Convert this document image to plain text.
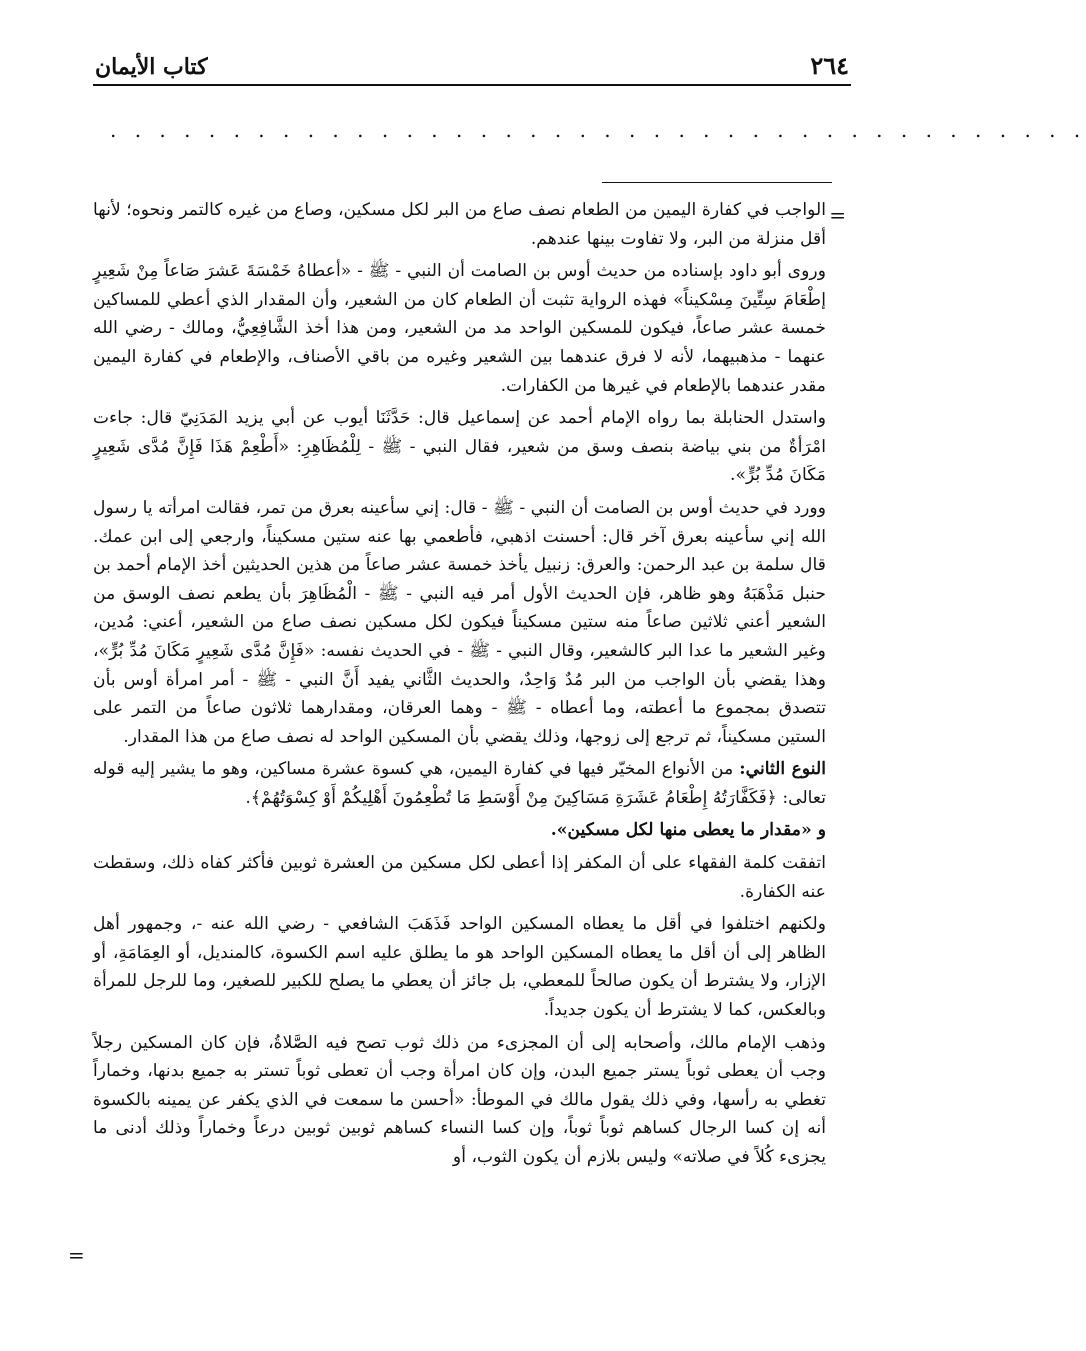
كتاب الأيمان	٢٦٤
. . . . . . . . . . . . . . . . . . . . . . . . . . . . . . . . . . . . . . . .
=

الواجب في كفارة اليمين من الطعام نصف صاع من البر لكل مسكين، وصاع من غيره كالتمر ونحوه؛ لأنها أقل منزلة من البر، ولا تفاوت بينها عندهم.

وروى أبو داود بإسناده من حديث أوس بن الصامت أن النبي - ﷺ - «أعطاهُ خَمْسَةَ عَشرَ صَاعاً مِنْ شَعِيرٍ إطْعَامَ سِتِّينَ مِسْكيناً» فهذه الرواية تثبت أن الطعام كان من الشعير، وأن المقدار الذي أعطي للمساكين خمسة عشر صاعاً، فيكون للمسكين الواحد مد من الشعير، ومن هذا أخذ الشَّافِعِيُّ، ومالك - رضي الله عنهما - مذهبيهما، لأنه لا فرق عندهما بين الشعير وغيره من باقي الأصناف، والإطعام في كفارة اليمين مقدر عندهما بالإطعام في غيرها من الكفارات.

واستدل الحنابلة بما رواه الإمام أحمد عن إسماعيل قال: حَدَّثَنَا أيوب عن أبي يزيد المَدَنِيّ قال: جاءت امْرَأةٌ من بني بياضة بنصف وسق من شعير، فقال النبي - ﷺ - لِلْمُظَاهِرِ: «أَطْعِمْ هَذَا فَإِنَّ مُدَّى شَعِيرٍ مَكَانَ مُدِّ بُرٍّ».

وورد في حديث أوس بن الصامت أن النبي - ﷺ - قال: إني سأعينه بعرق من تمر، فقالت امرأته يا رسول الله إني سأعينه بعرق آخر قال: أحسنت اذهبي، فأطعمي بها عنه ستين مسكيناً، وارجعي إلى ابن عمك. قال سلمة بن عبد الرحمن: والعرق: زنبيل يأخذ خمسة عشر صاعاً من هذين الحديثين أخذ الإمام أحمد بن حنبل مَذْهَبَهُ وهو ظاهر، فإن الحديث الأول أمر فيه النبي - ﷺ - الْمُظَاهِرَ بأن يطعم نصف الوسق من الشعير أعني ثلاثين صاعاً منه ستين مسكيناً فيكون لكل مسكين نصف صاع من الشعير، أعني: مُدين، وغير الشعير ما عدا البر كالشعير، وقال النبي - ﷺ - في الحديث نفسه: «فَإِنَّ مُدَّى شَعِيرٍ مَكَانَ مُدِّ بُرٍّ»، وهذا يقضي بأن الواجب من البر مُدٌ وَاحِدٌ، والحديث الثَّاني يفيد أَنَّ النبي - ﷺ - أمر امرأة أوس بأن تتصدق بمجموع ما أعطته، وما أعطاه - ﷺ - وهما العرقان، ومقدارهما ثلاثون صاعاً من التمر على الستين مسكيناً، ثم ترجع إلى زوجها، وذلك يقضي بأن المسكين الواحد له نصف صاع من هذا المقدار.

النوع الثاني: من الأنواع المخيّر فيها في كفارة اليمين، هي كسوة عشرة مساكين، وهو ما يشير إليه قوله تعالى: ﴿فَكَفَّارَتُهُ إِطْعَامُ عَشَرَةِ مَسَاكِينَ مِنْ أَوْسَطِ مَا تُطْعِمُونَ أَهْلِيكُمْ أَوْ كِسْوَتُهُمْ﴾.

و «مقدار ما يعطى منها لكل مسكين».

اتفقت كلمة الفقهاء على أن المكفر إذا أعطى لكل مسكين من العشرة ثوبين فأكثر كفاه ذلك، وسقطت عنه الكفارة.

ولكنهم اختلفوا في أقل ما يعطاه المسكين الواحد فَذَهَبَ الشافعي - رضي الله عنه -، وجمهور أهل الظاهر إلى أن أقل ما يعطاه المسكين الواحد هو ما يطلق عليه اسم الكسوة، كالمنديل، أو العِمَامَةِ، أو الإزار، ولا يشترط أن يكون صالحاً للمعطي، بل جائز أن يعطي ما يصلح للكبير للصغير، وما للرجل للمرأة وبالعكس، كما لا يشترط أن يكون جديداً.

وذهب الإمام مالك، وأصحابه إلى أن المجزىء من ذلك ثوب تصح فيه الصَّلاةُ، فإن كان المسكين رجلاً وجب أن يعطى ثوباً يستر جميع البدن، وإن كان امرأة وجب أن تعطى ثوباً تستر به جميع بدنها، وخماراً تغطي به رأسها، وفي ذلك يقول مالك في الموطأ: «أحسن ما سمعت في الذي يكفر عن يمينه بالكسوة أنه إن كسا الرجال كساهم ثوباً ثوباً، وإن كسا النساء كساهم ثوبين ثوبين درعاً وخماراً وذلك أدنى ما يجزىء كُلاً في صلاته» وليس بلازم أن يكون الثوب، أو

=
